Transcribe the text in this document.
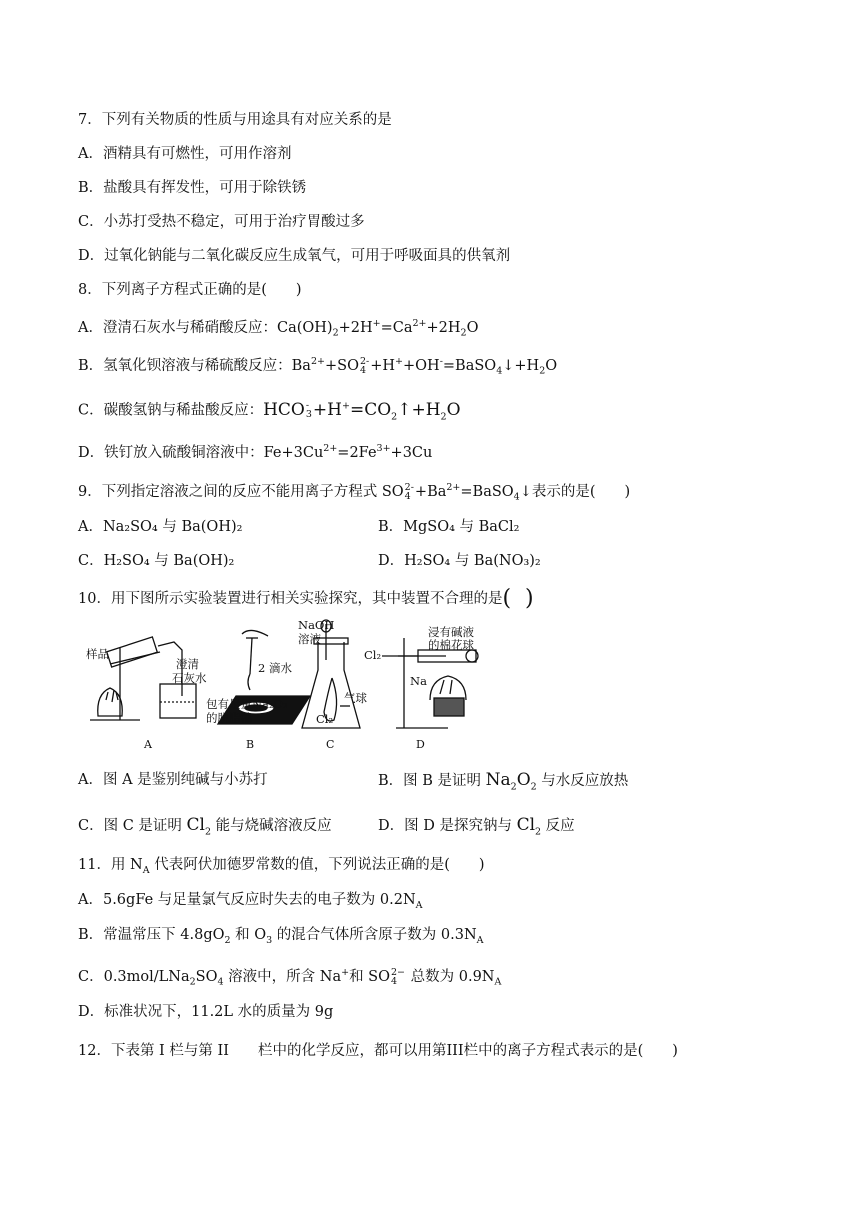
7．下列有关物质的性质与用途具有对应关系的是
A．酒精具有可燃性，可用作溶剂
B．盐酸具有挥发性，可用于除铁锈
C．小苏打受热不稳定，可用于治疗胃酸过多
D．过氧化钠能与二氧化碳反应生成氧气，可用于呼吸面具的供氧剂
8．下列离子方程式正确的是(　　)
A．澄清石灰水与稀硝酸反应：$Ca(OH)_2+2H^+=Ca^{2+}+2H_2O$
B．氢氧化钡溶液与稀硫酸反应：$Ba^{2+}+SO$ 2-
$4 +H^++OH^-=BaSO_4↓+H_2O$
C．碳酸氢钠与稀盐酸反应：HCO -
$3 +H^+=CO_2↑+H_2O$
D．铁钉放入硫酸铜溶液中：$Fe+3Cu^{2+}=2Fe^{3+}+3Cu$
9．下列指定溶液之间的反应不能用离子方程式 SO 2-
$4 +Ba^{2+}=BaSO_4↓$表示的是(　　)
A．Na₂SO₄ 与 Ba(OH)₂	B．MgSO₄ 与 BaCl₂
C．H₂SO₄ 与 Ba(OH)₂	D．H₂SO₄ 与 Ba(NO₃)₂
10．用下图所示实验装置进行相关实验探究，其中装置不合理的是( )
样品
澄清
石灰水
2 滴水
包有足量Na₂O₂
的脱脂棉
NaOH
溶液
气球
Cl₂
Cl₂
浸有碱液
的棉花球
Na
A	B	C	D
A．图 A 是鉴别纯碱与小苏打	B．图 B 是证明 $Na_2O_2$ 与水反应放热
C．图 C 是证明 $Cl_2$ 能与烧碱溶液反应	D．图 D 是探究钠与 $Cl_2$ 反应
11．用 $N_A$ 代表阿伏加德罗常数的值，下列说法正确的是(　　)
A．5.6gFe 与足量氯气反应时失去的电子数为 $0.2N_A$
B．常温常压下 $4.8gO_2$ 和 $O_3$ 的混合气体所含原子数为 $0.3N_A$
C．$0.3mol/LNa_2SO_4$ 溶液中，所含 Na+和 SO 2−
4 总数为 $0.9N_A$
D．标准状况下，11.2L 水的质量为 9g
12．下表第 I 栏与第 II　　栏中的化学反应，都可以用第III栏中的离子方程式表示的是(　　)
